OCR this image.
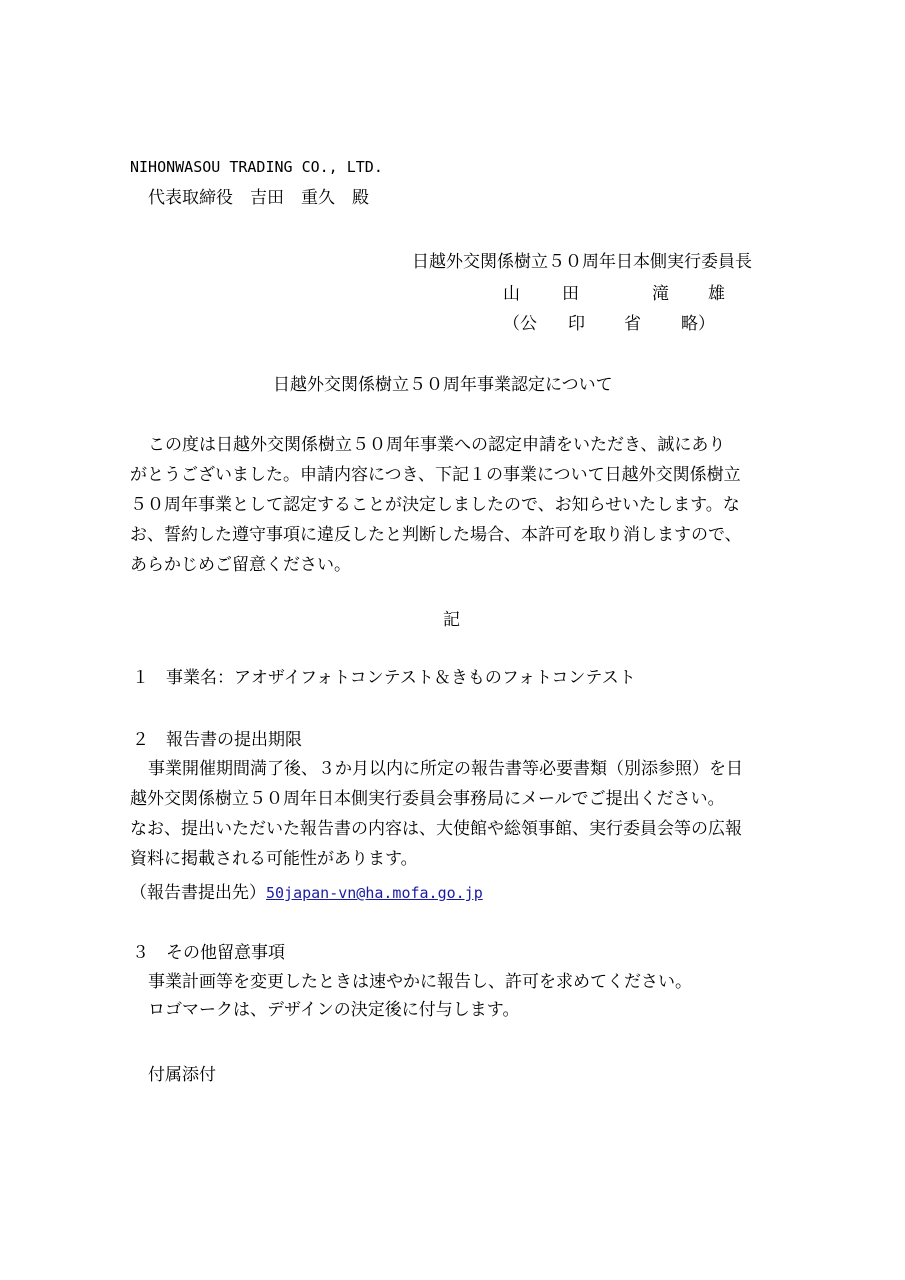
NIHONWASOU TRADING CO., LTD.
代表取締役　吉田　重久　殿
日越外交関係樹立５０周年日本側実行委員長
山	田	滝	雄
（公	印	省	略）
日越外交関係樹立５０周年事業認定について
この度は日越外交関係樹立５０周年事業への認定申請をいただき、誠にあり
がとうございました。申請内容につき、下記１の事業について日越外交関係樹立
５０周年事業として認定することが決定しましたので、お知らせいたします。な
お、誓約した遵守事項に違反したと判断した場合、本許可を取り消しますので、
あらかじめご留意ください。
記
１ 事業名：アオザイフォトコンテスト＆きものフォトコンテスト
２ 報告書の提出期限
事業開催期間満了後、３か月以内に所定の報告書等必要書類（別添参照）を日
越外交関係樹立５０周年日本側実行委員会事務局にメールでご提出ください。
なお、提出いただいた報告書の内容は、大使館や総領事館、実行委員会等の広報
資料に掲載される可能性があります。
（報告書提出先）50japan-vn@ha.mofa.go.jp
３ その他留意事項
事業計画等を変更したときは速やかに報告し、許可を求めてください。
ロゴマークは、デザインの決定後に付与します。
付属添付
